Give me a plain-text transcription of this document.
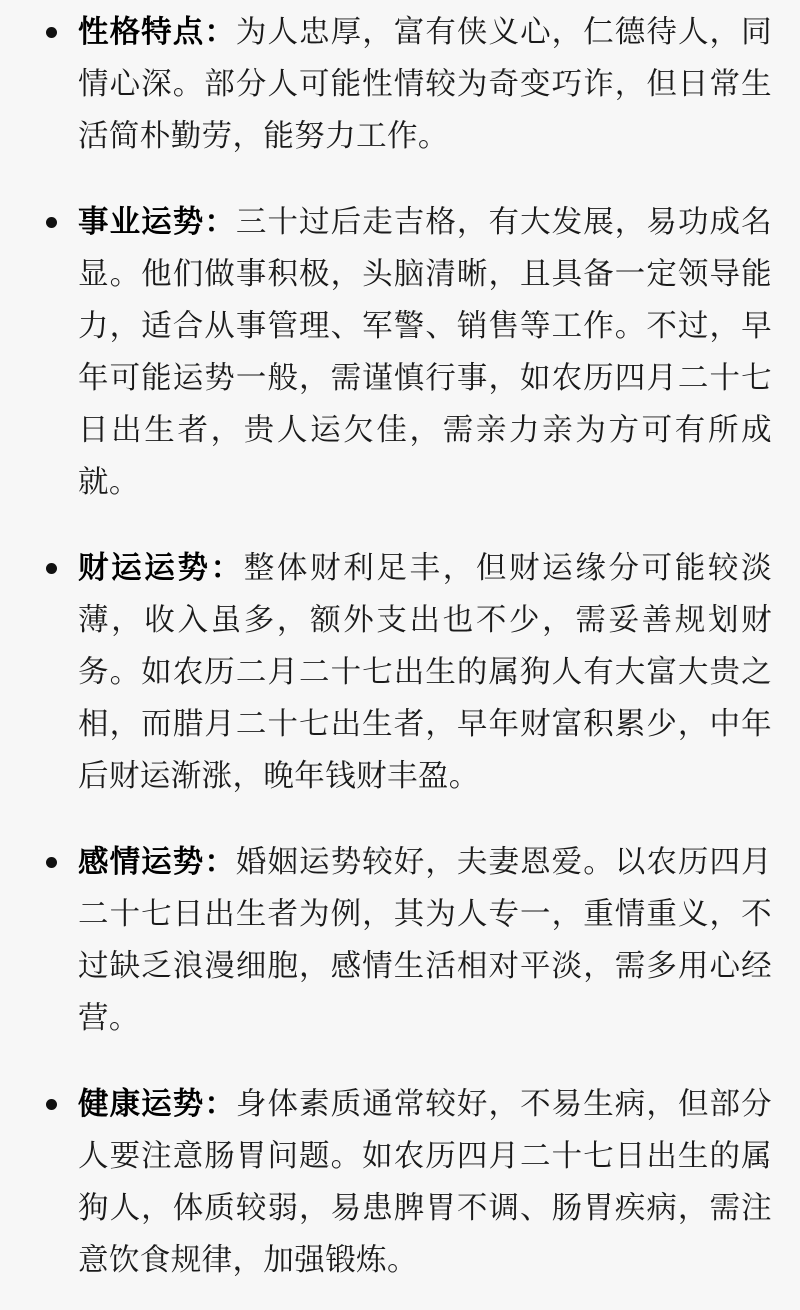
性格特点：为人忠厚，富有侠义心，仁德待人，同情心深。部分人可能性情较为奇变巧诈，但日常生活简朴勤劳，能努力工作。
事业运势：三十过后走吉格，有大发展，易功成名显。他们做事积极，头脑清晰，且具备一定领导能力，适合从事管理、军警、销售等工作。不过，早年可能运势一般，需谨慎行事，如农历四月二十七日出生者，贵人运欠佳，需亲力亲为方可有所成就。
财运运势：整体财利足丰，但财运缘分可能较淡薄，收入虽多，额外支出也不少，需妥善规划财务。如农历二月二十七出生的属狗人有大富大贵之相，而腊月二十七出生者，早年财富积累少，中年后财运渐涨，晚年钱财丰盈。
感情运势：婚姻运势较好，夫妻恩爱。以农历四月二十七日出生者为例，其为人专一，重情重义，不过缺乏浪漫细胞，感情生活相对平淡，需多用心经营。
健康运势：身体素质通常较好，不易生病，但部分人要注意肠胃问题。如农历四月二十七日出生的属狗人，体质较弱，易患脾胃不调、肠胃疾病，需注意饮食规律，加强锻炼。
